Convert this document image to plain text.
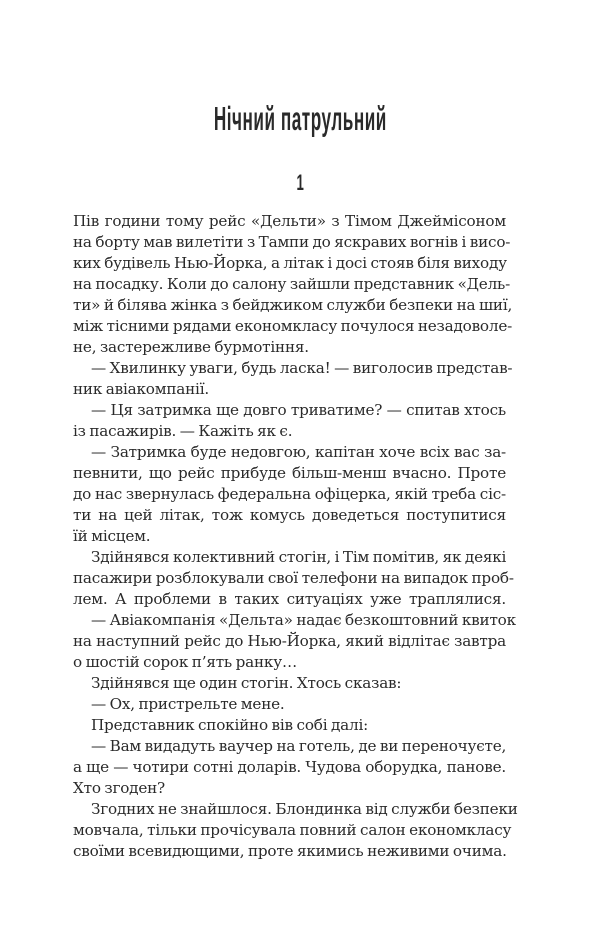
Нічний патрульний
1
Пів години тому рейс «Дельти» з Тімом Джеймісоном
на борту мав вилетіти з Тампи до яскравих вогнів і висо-
ких будівель Нью-Йорка, а літак і досі стояв біля виходу
на посадку. Коли до салону зайшли представник «Дель-
ти» й білява жінка з бейджиком служби безпеки на шиї,
між тісними рядами економкласу почулося незадоволе-
не, застережливе бурмотіння.
— Хвилинку уваги, будь ласка! — виголосив представ-
ник авіакомпанії.
— Ця затримка ще довго триватиме? — спитав хтось
із пасажирів. — Кажіть як є.
— Затримка буде недовгою, капітан хоче всіх вас за-
певнити, що рейс прибуде більш-менш вчасно. Проте
до нас звернулась федеральна офіцерка, якій треба сіс-
ти на цей літак, тож комусь доведеться поступитися
їй місцем.
Здійнявся колективний стогін, і Тім помітив, як деякі
пасажири розблокували свої телефони на випадок проб-
лем. А проблеми в таких ситуаціях уже траплялися.
— Авіакомпанія «Дельта» надає безкоштовний квиток
на наступний рейс до Нью-Йорка, який відлітає завтра
о шостій сорок п’ять ранку…
Здійнявся ще один стогін. Хтось сказав:
— Ох, пристрельте мене.
Представник спокійно вів собі далі:
— Вам видадуть ваучер на готель, де ви переночуєте,
а ще — чотири сотні доларів. Чудова оборудка, панове.
Хто згоден?
Згодних не знайшлося. Блондинка від служби безпеки
мовчала, тільки прочісувала повний салон економкласу
своїми всевидющими, проте якимись неживими очима.
